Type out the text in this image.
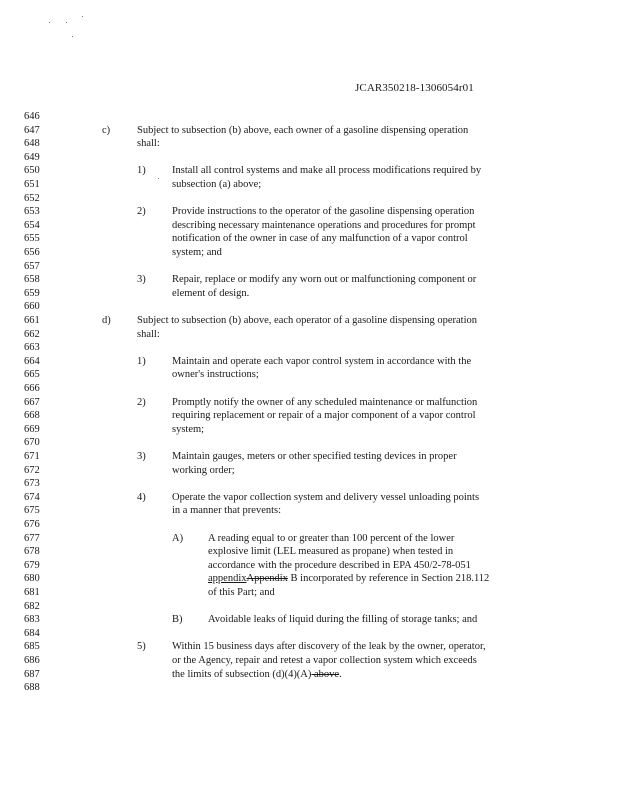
JCAR350218-1306054r01
646
647
648
649
650
651
652
653
654
655
656
657
658
659
660
661
662
663
664
665
666
667
668
669
670
671
672
673
674
675
676
677
678
679
680
681
682
683
684
685
686
687
688
c)	Subject to subsection (b) above, each owner of a gasoline dispensing operation
shall:
1)	Install all control systems and make all process modifications required by
subsection (a) above;
2)	Provide instructions to the operator of the gasoline dispensing operation
describing necessary maintenance operations and procedures for prompt
notification of the owner in case of any malfunction of a vapor control
system; and
3)	Repair, replace or modify any worn out or malfunctioning component or
element of design.
d)	Subject to subsection (b) above, each operator of a gasoline dispensing operation
shall:
1)	Maintain and operate each vapor control system in accordance with the
owner's instructions;
2)	Promptly notify the owner of any scheduled maintenance or malfunction
requiring replacement or repair of a major component of a vapor control
system;
3)	Maintain gauges, meters or other specified testing devices in proper
working order;
4)	Operate the vapor collection system and delivery vessel unloading points
in a manner that prevents:
A) A reading equal to or greater than 100 percent of the lower
explosive limit (LEL measured as propane) when tested in
accordance with the procedure described in EPA 450/2-78-051
appendixAppendix B incorporated by reference in Section 218.112
of this Part; and
B) Avoidable leaks of liquid during the filling of storage tanks; and
5)	Within 15 business days after discovery of the leak by the owner, operator,
or the Agency, repair and retest a vapor collection system which exceeds
the limits of subsection (d)(4)(A) above.
